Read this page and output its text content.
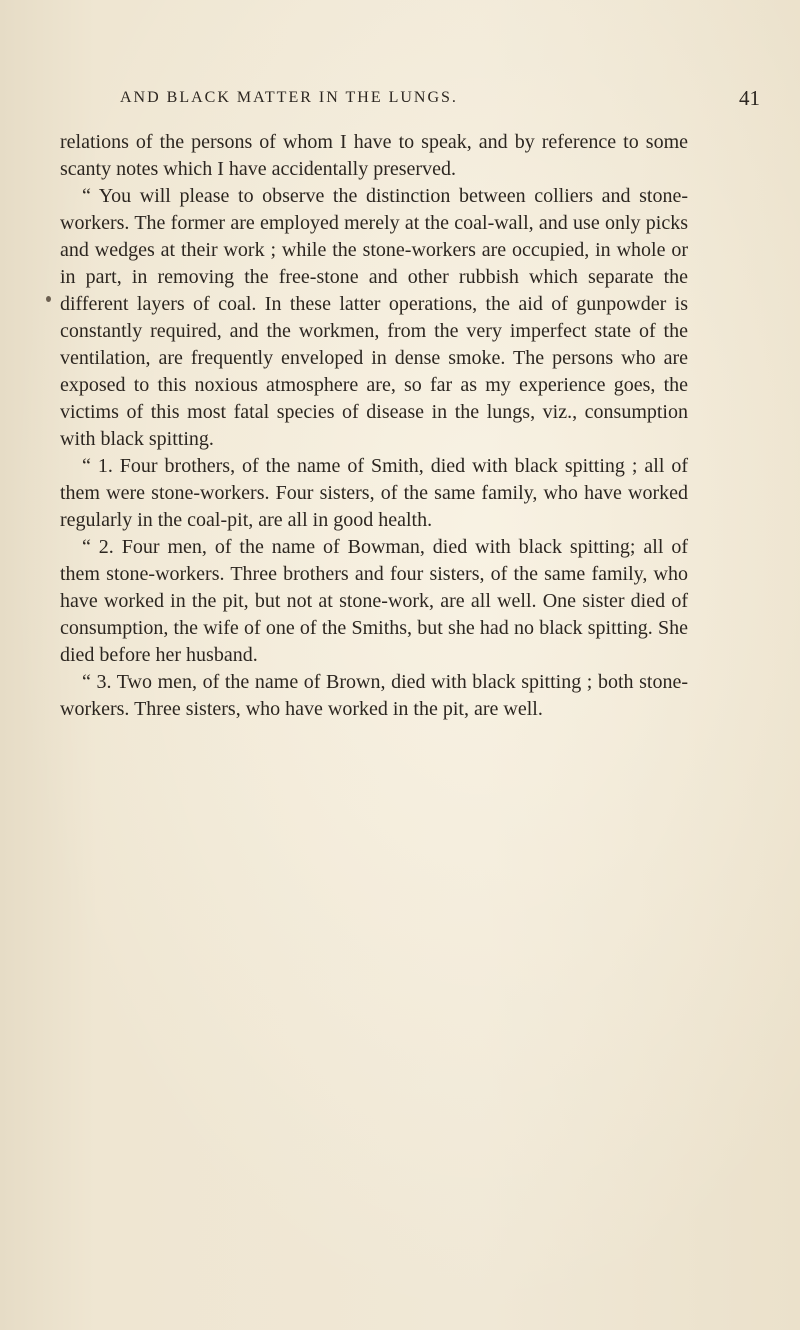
AND BLACK MATTER IN THE LUNGS.	41

relations of the persons of whom I have to speak, and by reference to some scanty notes which I have accidentally preserved.

“ You will please to observe the distinction between colliers and stone-workers. The former are employed merely at the coal-wall, and use only picks and wedges at their work ; while the stone-workers are occupied, in whole or in part, in removing the free-stone and other rubbish which separate the different layers of coal. In these latter operations, the aid of gunpowder is constantly required, and the workmen, from the very imperfect state of the ventilation, are frequently enveloped in dense smoke. The persons who are exposed to this noxious atmosphere are, so far as my experience goes, the victims of this most fatal species of disease in the lungs, viz., consumption with black spitting.

“ 1. Four brothers, of the name of Smith, died with black spitting ; all of them were stone-workers. Four sisters, of the same family, who have worked regularly in the coal-pit, are all in good health.

“ 2. Four men, of the name of Bowman, died with black spitting; all of them stone-workers. Three brothers and four sisters, of the same family, who have worked in the pit, but not at stone-work, are all well. One sister died of consumption, the wife of one of the Smiths, but she had no black spitting. She died before her husband.

“ 3. Two men, of the name of Brown, died with black spitting ; both stone-workers. Three sisters, who have worked in the pit, are well.
